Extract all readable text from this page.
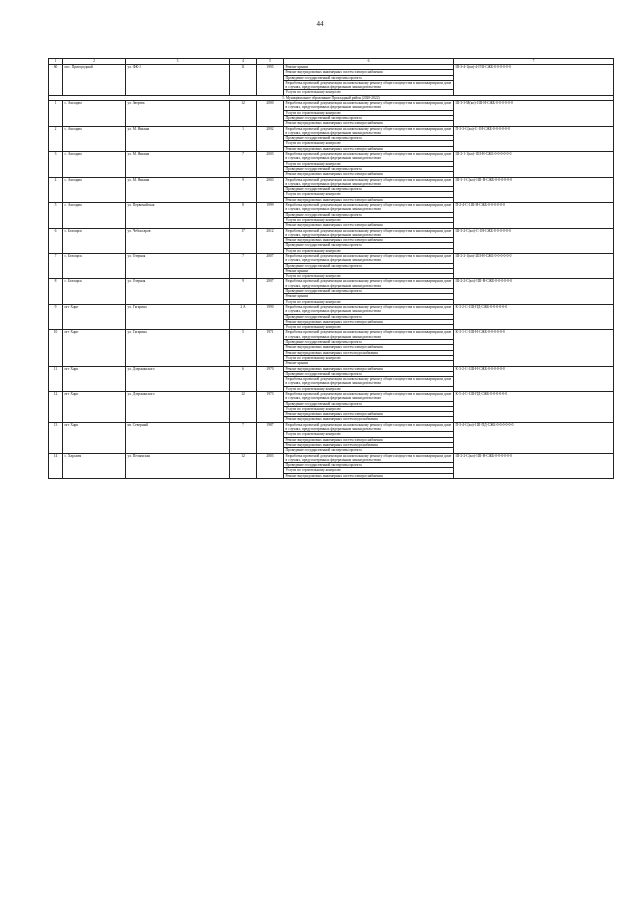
44
1	2	3	4	5	6	7
60	пос. Пригородный	ул. ФК-1	11	1995	Ремонт крыши	Ш-3-4-1(кп)-4-ГШ-СЖБ-0-0-0-0-0-0
					Ремонт внутридомовых инженерных систем электроснабжения	
					Проведение государственной экспертизы проекта	
					Разработка проектной документации на капитальному ремонту общего имущества в многоквартирном доме в случаях, предусмотренных федеральным законодательством	
					Услуги по строительному контролю	
5. Муниципальное образование Прохладный район (2020-2022)						
1	с. Ашхарва	ул. Зверева	12	2000	Разработка проектной документации на капитальному ремонту общего имущества в многоквартирном доме в случаях, предусмотренных федеральным законодательством	Ш-3-3-М(кп)-1Ш-Н-СЖБ-0-0-0-0-0-0
					Услуги по строительному контролю	
					Проведение государственной экспертизы проекта	
					Ремонт внутридомовых инженерных систем электроснабжения	
2	с. Ашхарва	ул. М. Янкина	1	2002	Разработка проектной документации на капитальному ремонту общего имущества в многоквартирном доме в случаях, предусмотренных федеральным законодательством	П-3-3-С(кп)-С-1Н-СЖБ-0-0-0-0-0-0
					Проведение государственной экспертизы проекта	
					Услуги по строительному контролю	
					Ремонт внутридомовых инженерных систем электроснабжения	
3	с. Ашхарва	ул. М. Янкина	7	2003	Разработка проектной документации на капитальному ремонту общего имущества в многоквартирном доме в случаях, предусмотренных федеральным законодательством	Ш-2-1-1(кп)-1Ш-Н-СЖБ-0-0-0-0-0-0
					Услуги по строительному контролю	
					Проведение государственной экспертизы проекта	
					Ремонт внутридомовых инженерных систем электроснабжения	
4	с. Ашхарва	ул. М. Янкина	9	2003	Разработка проектной документации на капитальному ремонту общего имущества в многоквартирном доме в случаях, предусмотренных федеральным законодательством	Ш-3-1-С(кп)-1Ш-Н-СЖБ-0-0-0-0-0-0
					Проведение государственной экспертизы проекта	
					Услуги по строительному контролю	
					Ремонт внутридомовых инженерных систем электроснабжения	
5	с. Ашхарва	ул. Первомайская	8	1999	Разработка проектной документации на капитальному ремонту общего имущества в многоквартирном доме в случаях, предусмотренных федеральным законодательством	П-2-4-С-1Ш-Н-СЖБ-0-0-0-0-0-0
					Проведение государственной экспертизы проекта	
					Услуги по строительному контролю	
					Ремонт внутридомовых инженерных систем электроснабжения	
6	с. Белоярск	ул. Чебоксаров	17	2012	Разработка проектной документации на капитальному ремонту общего имущества в многоквартирном доме в случаях, предусмотренных федеральным законодательством	Ш-3-2-С(кп)-С-1Н-СЖБ-0-0-0-0-0-0
					Ремонт внутридомовых инженерных систем электроснабжения	
					Проведение государственной экспертизы проекта	
					Услуги по строительному контролю	
7	с. Белоярск	ул. Озерная	7	2007	Разработка проектной документации на капитальному ремонту общего имущества в многоквартирном доме в случаях, предусмотренных федеральным законодательством	Ш-2-2-1(кп)-2Ш-Н-СЖБ-0-0-0-0-0-0
					Проведение государственной экспертизы проекта	
					Ремонт крыши	
					Услуги по строительному контролю	
8	с. Белоярск	ул. Озерная	9	2007	Разработка проектной документации на капитальному ремонту общего имущества в многоквартирном доме в случаях, предусмотренных федеральным законодательством	Ш-2-2-С(кп)-1Ш-Н-СЖБ-0-0-0-0-0-0
					Проведение государственной экспертизы проекта	
					Ремонт крыши	
					Услуги по строительному контролю	
9	пгт Харп	ул. Гагарина	2 А	1990	Разработка проектной документации на капитальному ремонту общего имущества в многоквартирном доме в случаях, предусмотренных федеральным законодательством	К-3-2-С-1Ш-ПД-СЖБ-0-0-0-0-0-0
					Проведение государственной экспертизы проекта	
					Ремонт внутридомовых инженерных систем электроснабжения	
					Услуги по строительному контролю	
10	пгт Харп	ул. Гагарина	5	1971	Разработка проектной документации на капитальному ремонту общего имущества в многоквартирном доме в случаях, предусмотренных федеральным законодательством	К-3-1-С-1Ш-Н-СЖБ-0-0-0-0-0-0
					Проведение государственной экспертизы проекта	
					Ремонт внутридомовых инженерных систем электроснабжения	
					Ремонт внутридомовых инженерных систем водоснабжения	
					Услуги по строительному контролю	
					Ремонт крыши	
11	пгт Харп	ул. Дзержинского	6	1970	Ремонт внутридомовых инженерных систем электроснабжения	К-3-2-С-1Ш-Н-СЖБ-0-0-0-0-0-0
					Проведение государственной экспертизы проекта	
					Разработка проектной документации на капитальному ремонту общего имущества в многоквартирном доме в случаях, предусмотренных федеральным законодательством	
					Услуги по строительному контролю	
12	пгт Харп	ул. Дзержинского	12	1973	Разработка проектной документации на капитальному ремонту общего имущества в многоквартирном доме в случаях, предусмотренных федеральным законодательством	К-5-4-С-1Ш-ПД-СЖБ-0-0-0-0-0-0
					Проведение государственной экспертизы проекта	
					Услуги по строительному контролю	
					Ремонт внутридомовых инженерных систем электроснабжения	
					Ремонт внутридомовых инженерных систем водоснабжения	
13	пгт Харп	кв. Северный	7	1987	Разработка проектной документации на капитальному ремонту общего имущества в многоквартирном доме в случаях, предусмотренных федеральным законодательством	П-3-4-С(кп)-1Ш-ПД-СЖБ-0-0-0-0-0-0
					Услуги по строительному контролю	
					Ремонт внутридомовых инженерных систем электроснабжения	
					Ремонт внутридомовых инженерных систем водоснабжения	
					Проведение государственной экспертизы проекта	
14	с. Харсаим	ул. Пелымская	12	2003	Разработка проектной документации на капитальному ремонту общего имущества в многоквартирном доме в случаях, предусмотренных федеральным законодательством	Ш-2-2-С(кп)-1Ш-Н-СЖБ-0-0-0-0-0-0
					Проведение государственной экспертизы проекта	
					Услуги по строительному контролю	
					Ремонт внутридомовых инженерных систем электроснабжения	
